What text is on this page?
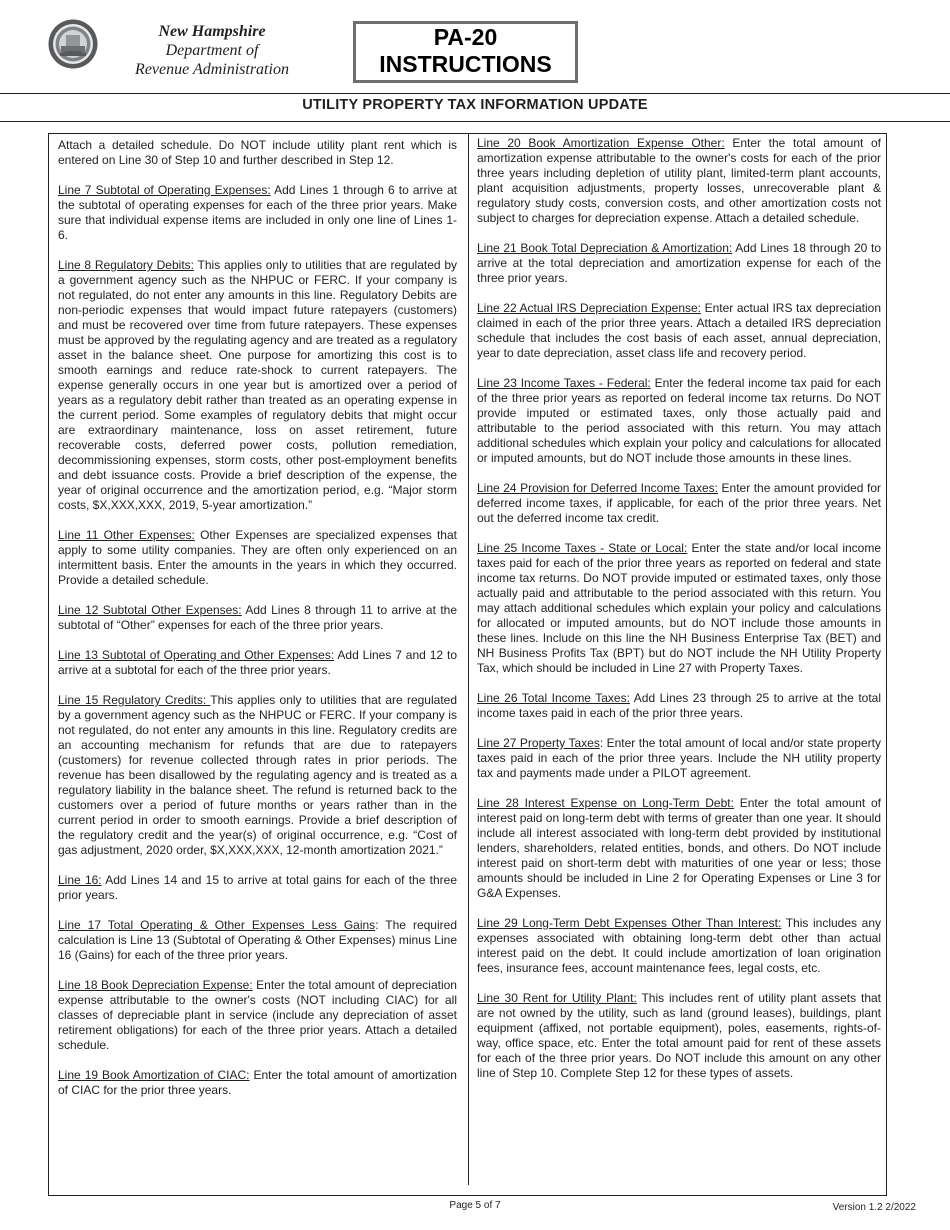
New Hampshire
Department of
Revenue Administration
PA-20
INSTRUCTIONS
UTILITY PROPERTY TAX INFORMATION UPDATE

Attach a detailed schedule. Do NOT include utility plant rent which is entered on Line 30 of Step 10 and further described in Step 12.

Line 7 Subtotal of Operating Expenses: Add Lines 1 through 6 to arrive at the subtotal of operating expenses for each of the three prior years. Make sure that individual expense items are included in only one line of Lines 1-6.

Line 8 Regulatory Debits: This applies only to utilities that are regulated by a government agency such as the NHPUC or FERC. If your company is not regulated, do not enter any amounts in this line. Regulatory Debits are non-periodic expenses that would impact future ratepayers (customers) and must be recovered over time from future ratepayers. These expenses must be approved by the regulating agency and are treated as a regulatory asset in the balance sheet. One purpose for amortizing this cost is to smooth earnings and reduce rate-shock to current ratepayers. The expense generally occurs in one year but is amortized over a period of years as a regulatory debit rather than treated as an operating expense in the current period. Some examples of regulatory debits that might occur are extraordinary maintenance, loss on asset retirement, future recoverable costs, deferred power costs, pollution remediation, decommissioning expenses, storm costs, other post-employment benefits and debt issuance costs. Provide a brief description of the expense, the year of original occurrence and the amortization period, e.g. “Major storm costs, $X,XXX,XXX, 2019, 5-year amortization.”

Line 11 Other Expenses: Other Expenses are specialized expenses that apply to some utility companies. They are often only experienced on an intermittent basis. Enter the amounts in the years in which they occurred. Provide a detailed schedule.

Line 12 Subtotal Other Expenses: Add Lines 8 through 11 to arrive at the subtotal of “Other” expenses for each of the three prior years.

Line 13 Subtotal of Operating and Other Expenses: Add Lines 7 and 12 to arrive at a subtotal for each of the three prior years.

Line 15 Regulatory Credits: This applies only to utilities that are regulated by a government agency such as the NHPUC or FERC. If your company is not regulated, do not enter any amounts in this line. Regulatory credits are an accounting mechanism for refunds that are due to ratepayers (customers) for revenue collected through rates in prior periods. The revenue has been disallowed by the regulating agency and is treated as a regulatory liability in the balance sheet. The refund is returned back to the customers over a period of future months or years rather than in the current period in order to smooth earnings. Provide a brief description of the regulatory credit and the year(s) of original occurrence, e.g. “Cost of gas adjustment, 2020 order, $X,XXX,XXX, 12-month amortization 2021.”

Line 16: Add Lines 14 and 15 to arrive at total gains for each of the three prior years.

Line 17 Total Operating & Other Expenses Less Gains: The required calculation is Line 13 (Subtotal of Operating & Other Expenses) minus Line 16 (Gains) for each of the three prior years.

Line 18 Book Depreciation Expense: Enter the total amount of depreciation expense attributable to the owner's costs (NOT including CIAC) for all classes of depreciable plant in service (include any depreciation of asset retirement obligations) for each of the three prior years. Attach a detailed schedule.

Line 19 Book Amortization of CIAC: Enter the total amount of amortization of CIAC for the prior three years.

Line 20 Book Amortization Expense Other: Enter the total amount of amortization expense attributable to the owner's costs for each of the prior three years including depletion of utility plant, limited-term plant accounts, plant acquisition adjustments, property losses, unrecoverable plant & regulatory study costs, conversion costs, and other amortization costs not subject to charges for depreciation expense. Attach a detailed schedule.

Line 21 Book Total Depreciation & Amortization: Add Lines 18 through 20 to arrive at the total depreciation and amortization expense for each of the three prior years.

Line 22 Actual IRS Depreciation Expense: Enter actual IRS tax depreciation claimed in each of the prior three years. Attach a detailed IRS depreciation schedule that includes the cost basis of each asset, annual depreciation, year to date depreciation, asset class life and recovery period.

Line 23 Income Taxes - Federal: Enter the federal income tax paid for each of the three prior years as reported on federal income tax returns. Do NOT provide imputed or estimated taxes, only those actually paid and attributable to the period associated with this return. You may attach additional schedules which explain your policy and calculations for allocated or imputed amounts, but do NOT include those amounts in these lines.

Line 24 Provision for Deferred Income Taxes: Enter the amount provided for deferred income taxes, if applicable, for each of the prior three years. Net out the deferred income tax credit.

Line 25 Income Taxes - State or Local: Enter the state and/or local income taxes paid for each of the prior three years as reported on federal and state income tax returns. Do NOT provide imputed or estimated taxes, only those actually paid and attributable to the period associated with this return. You may attach additional schedules which explain your policy and calculations for allocated or imputed amounts, but do NOT include those amounts in these lines. Include on this line the NH Business Enterprise Tax (BET) and NH Business Profits Tax (BPT) but do NOT include the NH Utility Property Tax, which should be included in Line 27 with Property Taxes.

Line 26 Total Income Taxes: Add Lines 23 through 25 to arrive at the total income taxes paid in each of the prior three years.

Line 27 Property Taxes: Enter the total amount of local and/or state property taxes paid in each of the prior three years. Include the NH utility property tax and payments made under a PILOT agreement.

Line 28 Interest Expense on Long-Term Debt: Enter the total amount of interest paid on long-term debt with terms of greater than one year. It should include all interest associated with long-term debt provided by institutional lenders, shareholders, related entities, bonds, and others. Do NOT include interest paid on short-term debt with maturities of one year or less; those amounts should be included in Line 2 for Operating Expenses or Line 3 for G&A Expenses.

Line 29 Long-Term Debt Expenses Other Than Interest: This includes any expenses associated with obtaining long-term debt other than actual interest paid on the debt. It could include amortization of loan origination fees, insurance fees, account maintenance fees, legal costs, etc.

Line 30 Rent for Utility Plant: This includes rent of utility plant assets that are not owned by the utility, such as land (ground leases), buildings, plant equipment (affixed, not portable equipment), poles, easements, rights-of-way, office space, etc. Enter the total amount paid for rent of these assets for each of the three prior years. Do NOT include this amount on any other line of Step 10. Complete Step 12 for these types of assets.

Page 5 of 7	Version 1.2 2/2022
